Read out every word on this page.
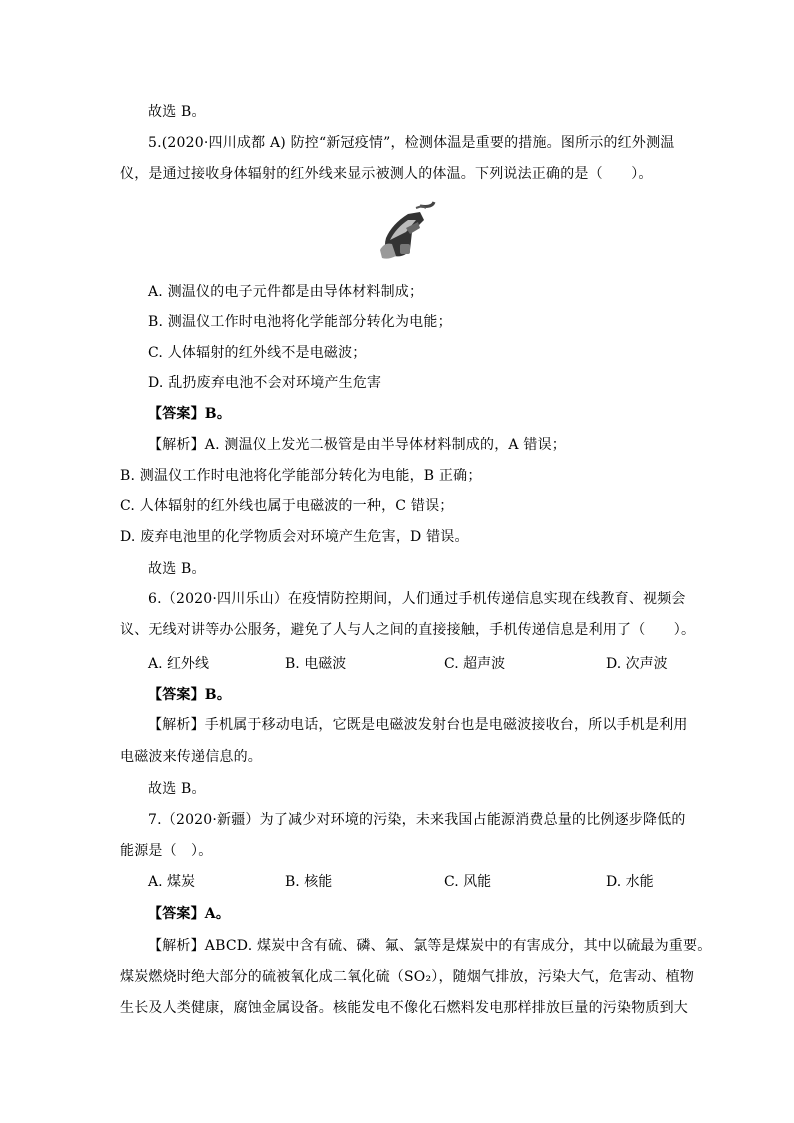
故选 B。
5.(2020·四川成都 A) 防控“新冠疫情”，检测体温是重要的措施。图所示的红外测温
仪，是通过接收身体辐射的红外线来显示被测人的体温。下列说法正确的是（　　）。
A. 测温仪的电子元件都是由导体材料制成；
B. 测温仪工作时电池将化学能部分转化为电能；
C. 人体辐射的红外线不是电磁波；
D. 乱扔废弃电池不会对环境产生危害
【答案】B。
【解析】A. 测温仪上发光二极管是由半导体材料制成的，A 错误；
B. 测温仪工作时电池将化学能部分转化为电能，B 正确；
C. 人体辐射的红外线也属于电磁波的一种，C 错误；
D. 废弃电池里的化学物质会对环境产生危害，D 错误。
故选 B。
6.（2020·四川乐山）在疫情防控期间，人们通过手机传递信息实现在线教育、视频会
议、无线对讲等办公服务，避免了人与人之间的直接接触，手机传递信息是利用了（　　）。
A. 红外线	B. 电磁波	C. 超声波	D. 次声波
【答案】B。
【解析】手机属于移动电话，它既是电磁波发射台也是电磁波接收台，所以手机是利用
电磁波来传递信息的。
故选 B。
7.（2020·新疆）为了减少对环境的污染，未来我国占能源消费总量的比例逐步降低的
能源是（　）。
A. 煤炭	B. 核能	C. 风能	D. 水能
【答案】A。
【解析】ABCD. 煤炭中含有硫、磷、氟、氯等是煤炭中的有害成分，其中以硫最为重要。
煤炭燃烧时绝大部分的硫被氧化成二氧化硫（SO₂），随烟气排放，污染大气，危害动、植物
生长及人类健康，腐蚀金属设备。核能发电不像化石燃料发电那样排放巨量的污染物质到大
